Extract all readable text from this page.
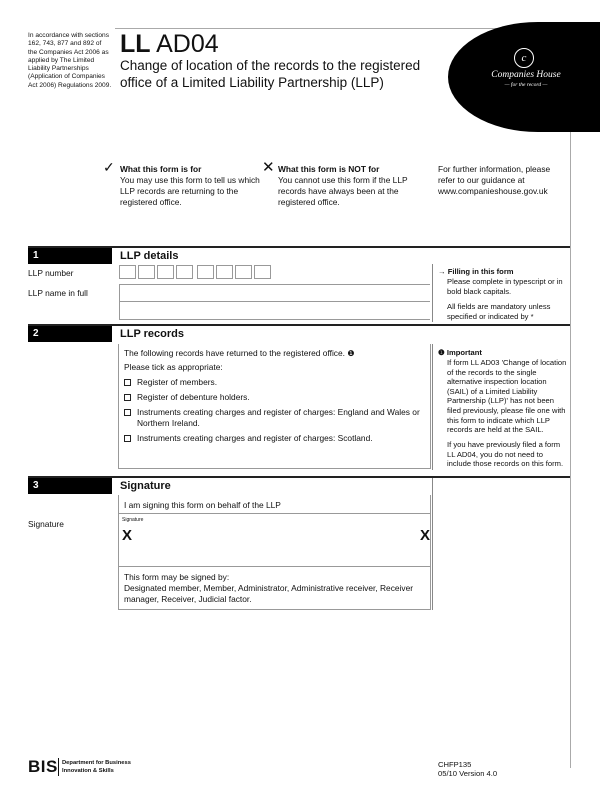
In accordance with sections 162, 743, 877 and 892 of the Companies Act 2006 as applied by The Limited Liability Partnerships (Application of Companies Act 2006) Regulations 2009.
LL AD04
Change of location of the records to the registered office of a Limited Liability Partnership (LLP)
c
Companies House
— for the record —
✓ What this form is for
You may use this form to tell us which LLP records are returning to the registered office.
✕ What this form is NOT for
You cannot use this form if the LLP records have always been at the registered office.
For further information, please refer to our guidance at www.companieshouse.gov.uk
1	LLP details
LLP number
LLP name in full
→ Filling in this form
Please complete in typescript or in bold black capitals.
All fields are mandatory unless specified or indicated by *
2	LLP records
The following records have returned to the registered office. ❶
Please tick as appropriate:
Register of members.
Register of debenture holders.
Instruments creating charges and register of charges: England and Wales or Northern Ireland.
Instruments creating charges and register of charges: Scotland.
❶ Important
If form LL AD03 'Change of location of the records to the single alternative inspection location (SAIL) of a Limited Liability Partnership (LLP)' has not been filed previously, please file one with this form to indicate which LLP records are held at the SAIL.
If you have previously filed a form LL AD04, you do not need to include those records on this form.
3	Signature
I am signing this form on behalf of the LLP
Signature	Signature
X	X
This form may be signed by:
Designated member, Member, Administrator, Administrative receiver, Receiver manager, Receiver, Judicial factor.
BIS Department for Business
Innovation & Skills
CHFP135
05/10 Version 4.0
